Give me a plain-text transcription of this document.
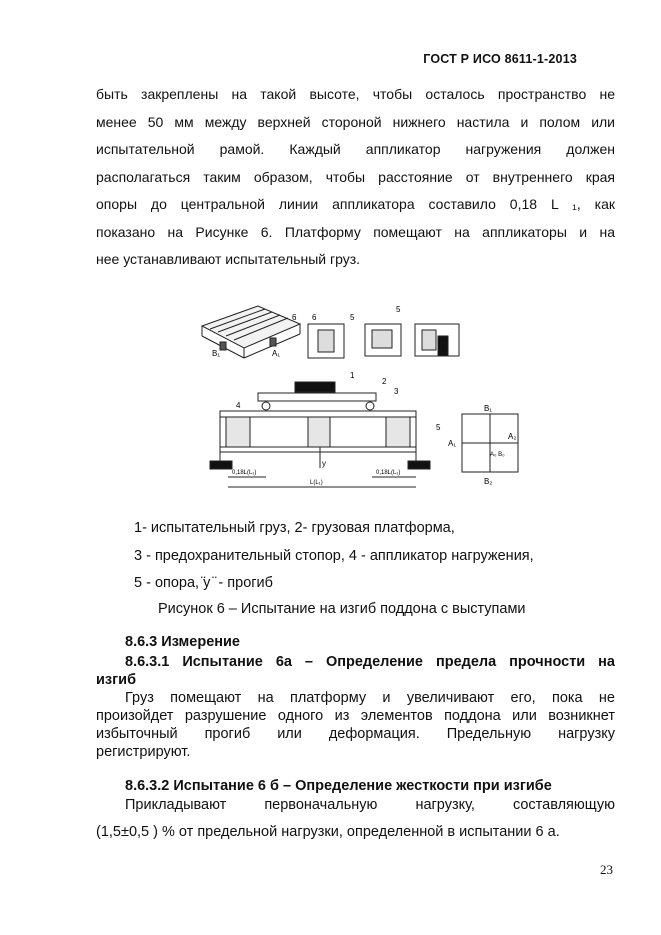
ГОСТ Р ИСО 8611-1-2013
быть закреплены на такой высоте, чтобы осталось пространство не
менее 50 мм между верхней стороной нижнего настила и полом или
испытательной рамой. Каждый аппликатор нагружения должен
располагаться таким образом, чтобы расстояние от внутреннего края
опоры до центральной линии аппликатора составило 0,18 L ₁, как
показано на Рисунке 6. Платформу помещают на аппликаторы и на
нее устанавливают испытательный груз.
B₁	A₁
6 6	5
5
1
2
3
4
5
y
0,18L(L₁)	0,18L(L₁)
L(L₁)
B₁
A₁
A₂
A₀ B₀
B₂
1- испытательный груз, 2- грузовая платформа,
3 - предохранительный стопор, 4 - аппликатор нагружения,
5 - опора, ̈y ̈ - прогиб
Рисунок 6 – Испытание на изгиб поддона с выступами
8.6.3 Измерение
8.6.3.1 Испытание 6а – Определение предела прочности на
изгиб
Груз помещают на платформу и увеличивают его, пока не
произойдет разрушение одного из элементов поддона или возникнет
избыточный прогиб или деформация. Предельную нагрузку
регистрируют.
8.6.3.2 Испытание 6 б – Определение жесткости при изгибе
Прикладывают первоначальную нагрузку, составляющую
(1,5±0,5 ) % от предельной нагрузки, определенной в испытании 6 а.
23
